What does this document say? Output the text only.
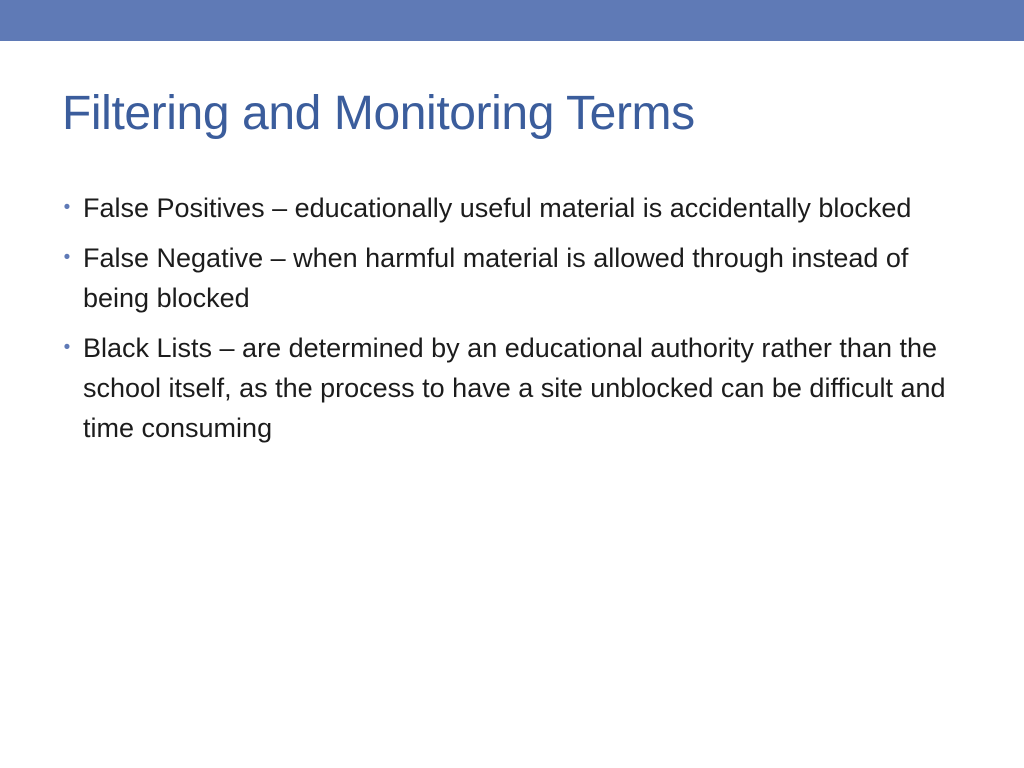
Filtering and Monitoring Terms
• False Positives – educationally useful material is accidentally blocked
• False Negative – when harmful material is allowed through instead of being blocked
• Black Lists – are determined by an educational authority rather than the school itself, as the process to have a site unblocked can be difficult and time consuming
